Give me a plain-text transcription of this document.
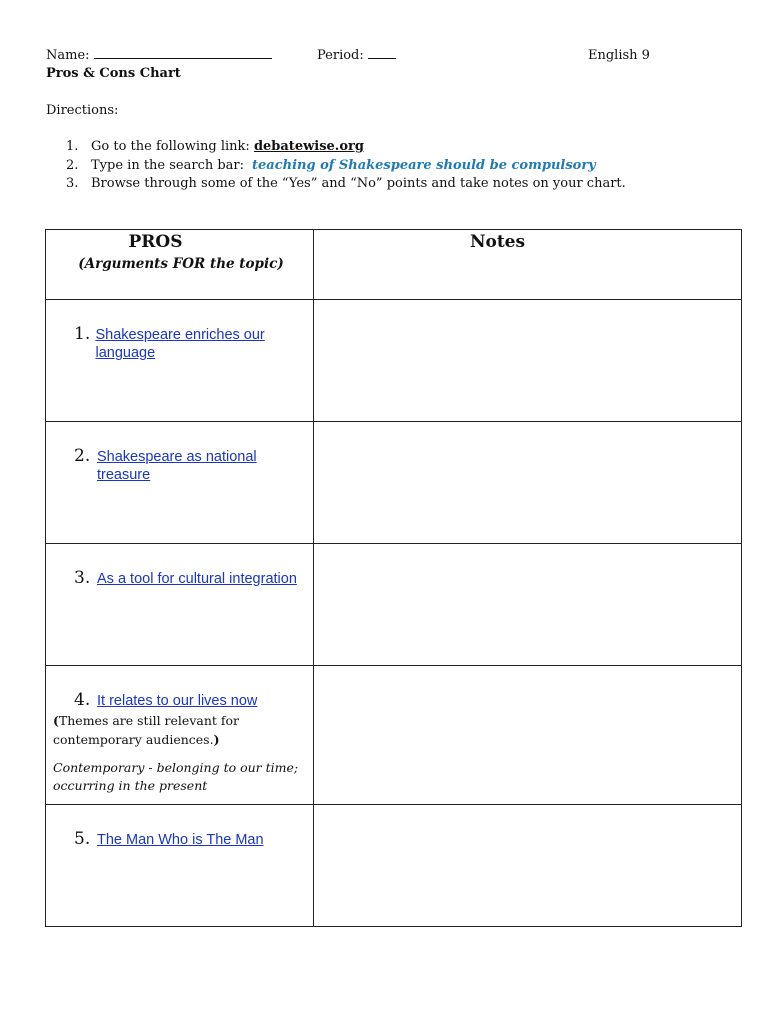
Name:	Period:	English 9
Pros & Cons Chart
Directions:
1. Go to the following link:
debatewise.org
2. Type in the search bar: teaching of Shakespeare should be compulsory
3. Browse through some of the “Yes” and “No” points and take notes on your chart.
PROS
(Arguments FOR the topic)	Notes

1. Shakespeare enriches our language	

2. Shakespeare as national treasure	

3. As a tool for cultural integration	

4. It relates to our lives now
(Themes are still relevant for contemporary audiences.)
Contemporary - belonging to our time; occurring in the present	

5. The Man Who is The Man	
